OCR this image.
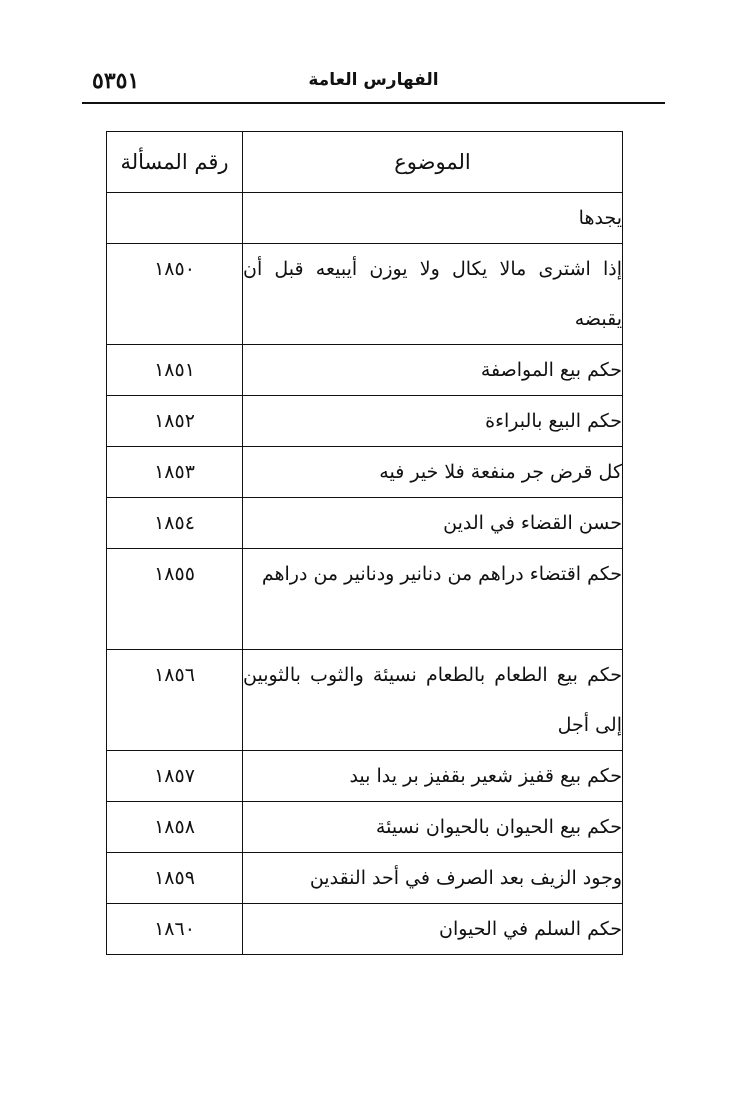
الفهارس العامة
٥٣٥١
الموضوع	رقم المسألة
يجدها	
إذا اشترى مالا يكال ولا يوزن أيبيعه قبل أن يقبضه	١٨٥٠
حكم بيع المواصفة	١٨٥١
حكم البيع بالبراءة	١٨٥٢
كل قرض جر منفعة فلا خير فيه	١٨٥٣
حسن القضاء في الدين	١٨٥٤
حكم اقتضاء دراهم من دنانير ودنانير من دراهم	١٨٥٥
حكم بيع الطعام بالطعام نسيئة والثوب بالثوبين إلى أجل	١٨٥٦
حكم بيع قفيز شعير بقفيز بر يدا بيد	١٨٥٧
حكم بيع الحيوان بالحيوان نسيئة	١٨٥٨
وجود الزيف بعد الصرف في أحد النقدين	١٨٥٩
حكم السلم في الحيوان	١٨٦٠
